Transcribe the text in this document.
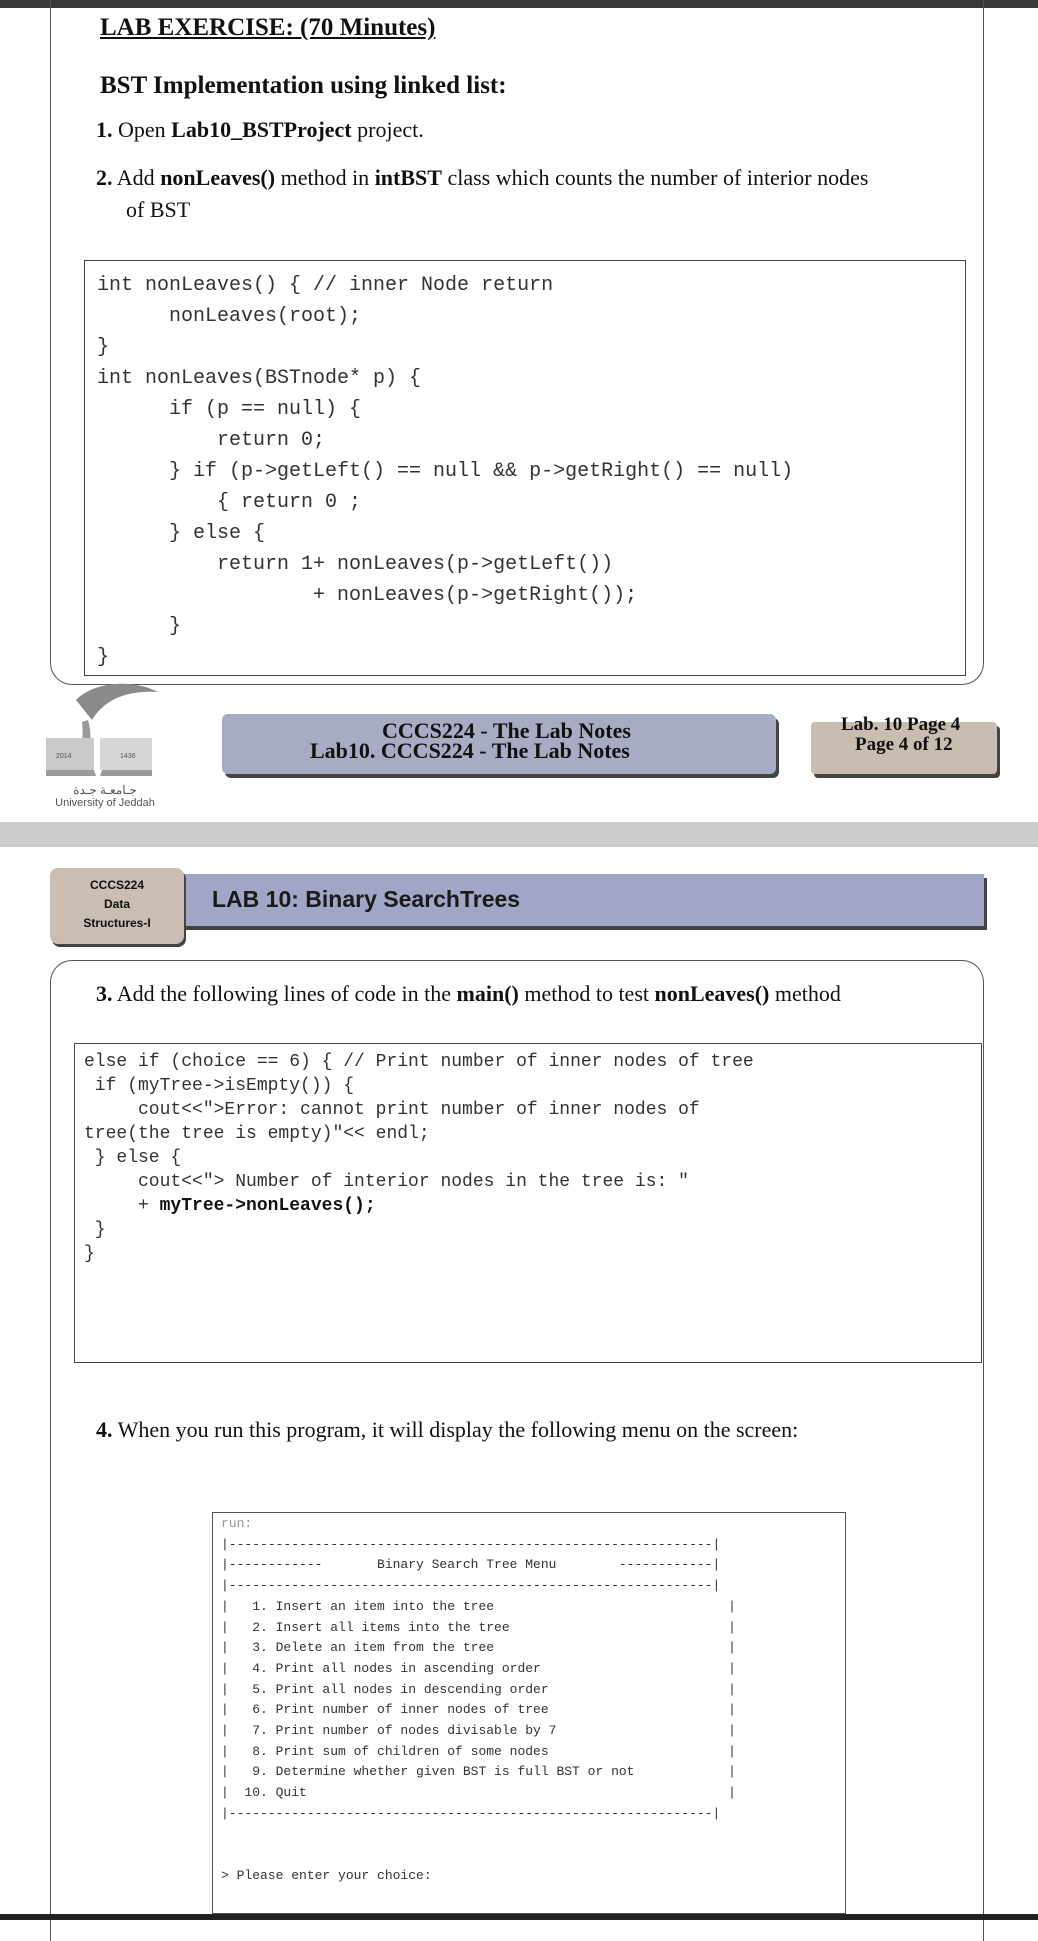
LAB EXERCISE: (70 Minutes)
BST Implementation using linked list:
1. Open Lab10_BSTProject project.
2. Add nonLeaves() method in intBST class which counts the number of interior nodes
of BST
int nonLeaves() { // inner Node return
nonLeaves(root);
}
int nonLeaves(BSTnode* p) {
if (p == null) {
return 0;
} if (p->getLeft() == null && p->getRight() == null)
{ return 0 ;
} else {
return 1+ nonLeaves(p->getLeft())
+ nonLeaves(p->getRight());
}
}
2014	1436
جـامعـة جـدة
University of Jeddah
CCCS224 - The Lab Notes
Lab10. CCCS224 - The Lab Notes
Lab. 10 Page 4
Page 4 of 12
LAB 10: Binary SearchTrees
CCCS224
Data
Structures-I
3. Add the following lines of code in the main() method to test nonLeaves() method
else if (choice == 6) { // Print number of inner nodes of tree
if (myTree->isEmpty()) {
cout<<">Error: cannot print number of inner nodes of
tree(the tree is empty)"<< endl;
} else {
cout<<"> Number of interior nodes in the tree is: "
+ myTree->nonLeaves();
}
}
4. When you run this program, it will display the following menu on the screen:
run:
|--------------------------------------------------------------|
|------------       Binary Search Tree Menu        ------------|
|--------------------------------------------------------------|
|   1. Insert an item into the tree                              |
|   2. Insert all items into the tree                            |
|   3. Delete an item from the tree                              |
|   4. Print all nodes in ascending order                        |
|   5. Print all nodes in descending order                       |
|   6. Print number of inner nodes of tree                       |
|   7. Print number of nodes divisable by 7                      |
|   8. Print sum of children of some nodes                       |
|   9. Determine whether given BST is full BST or not            |
|  10. Quit                                                      |
|--------------------------------------------------------------|

> Please enter your choice:
